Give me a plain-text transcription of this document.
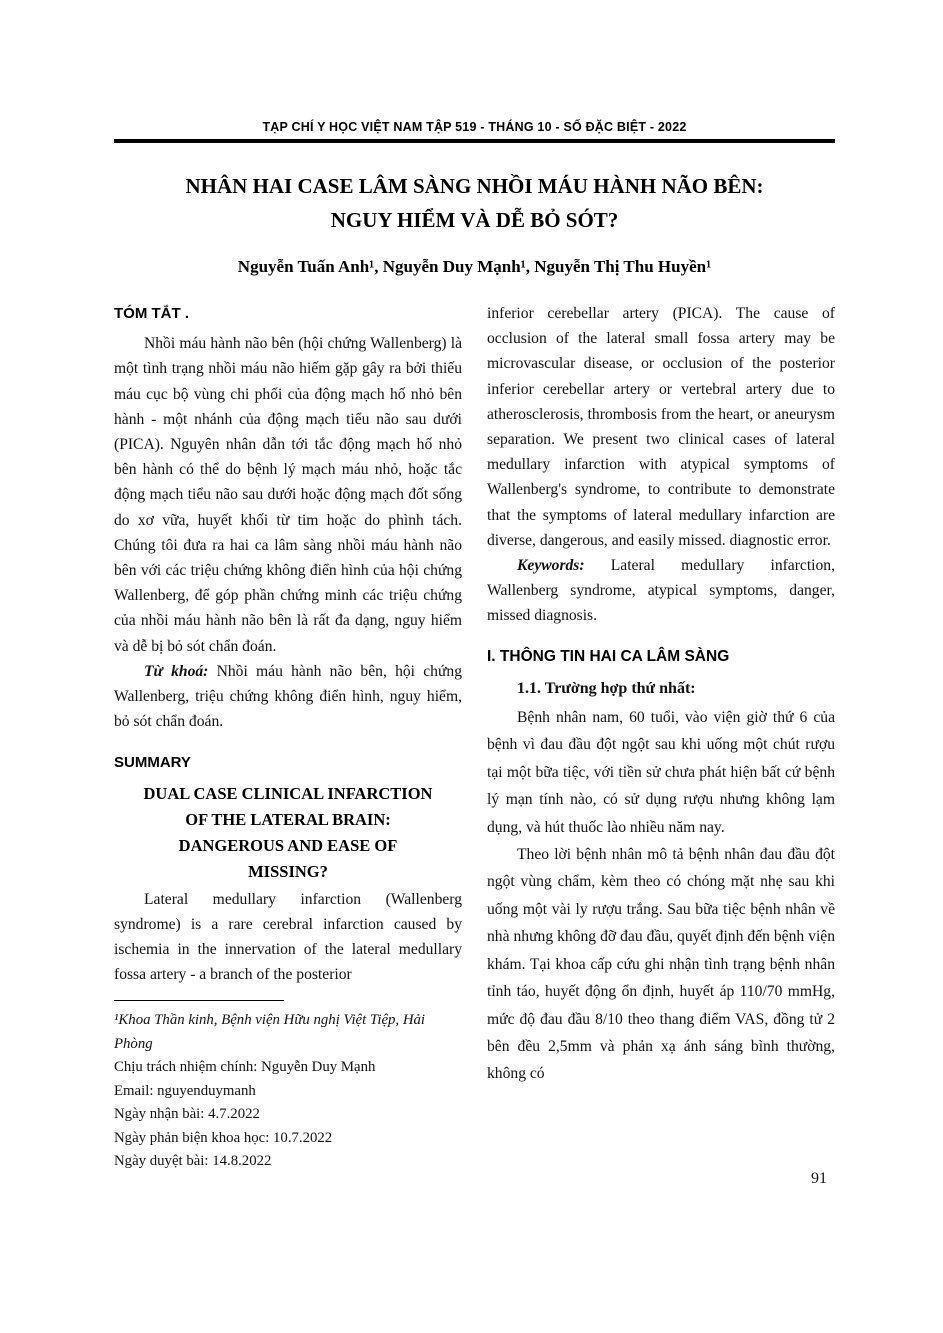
TẠP CHÍ Y HỌC VIỆT NAM TẬP 519 - THÁNG 10 - SỐ ĐẶC BIỆT - 2022
NHÂN HAI CASE LÂM SÀNG NHỒI MÁU HÀNH NÃO BÊN:
NGUY HIỂM VÀ DỄ BỎ SÓT?
Nguyễn Tuấn Anh¹, Nguyễn Duy Mạnh¹, Nguyễn Thị Thu Huyền¹
TÓM TẮT .

Nhồi máu hành não bên (hội chứng Wallenberg) là một tình trạng nhồi máu não hiếm gặp gây ra bởi thiếu máu cục bộ vùng chi phối của động mạch hố nhỏ bên hành - một nhánh của động mạch tiểu não sau dưới (PICA). Nguyên nhân dẫn tới tắc động mạch hố nhỏ bên hành có thể do bệnh lý mạch máu nhỏ, hoặc tắc động mạch tiểu não sau dưới hoặc động mạch đốt sống do xơ vữa, huyết khối từ tim hoặc do phình tách. Chúng tôi đưa ra hai ca lâm sàng nhồi máu hành não bên với các triệu chứng không điển hình của hội chứng Wallenberg, để góp phần chứng minh các triệu chứng của nhồi máu hành não bên là rất đa dạng, nguy hiểm và dễ bị bỏ sót chẩn đoán.

Từ khoá: Nhồi máu hành não bên, hội chứng Wallenberg, triệu chứng không điển hình, nguy hiểm, bỏ sót chẩn đoán.

SUMMARY
DUAL CASE CLINICAL INFARCTION
OF THE LATERAL BRAIN:
DANGEROUS AND EASE OF
MISSING?

Lateral medullary infarction (Wallenberg syndrome) is a rare cerebral infarction caused by ischemia in the innervation of the lateral medullary fossa artery - a branch of the posterior

¹Khoa Thần kinh, Bệnh viện Hữu nghị Việt Tiệp, Hải Phòng
Chịu trách nhiệm chính: Nguyễn Duy Mạnh
Email: nguyenduymanh
Ngày nhận bài: 4.7.2022
Ngày phản biện khoa học: 10.7.2022
Ngày duyệt bài: 14.8.2022

inferior cerebellar artery (PICA). The cause of occlusion of the lateral small fossa artery may be microvascular disease, or occlusion of the posterior inferior cerebellar artery or vertebral artery due to atherosclerosis, thrombosis from the heart, or aneurysm separation. We present two clinical cases of lateral medullary infarction with atypical symptoms of Wallenberg's syndrome, to contribute to demonstrate that the symptoms of lateral medullary infarction are diverse, dangerous, and easily missed. diagnostic error.

Keywords: Lateral medullary infarction, Wallenberg syndrome, atypical symptoms, danger, missed diagnosis.

I. THÔNG TIN HAI CA LÂM SÀNG

1.1. Trường hợp thứ nhất:

Bệnh nhân nam, 60 tuổi, vào viện giờ thứ 6 của bệnh vì đau đầu đột ngột sau khi uống một chút rượu tại một bữa tiệc, với tiền sử chưa phát hiện bất cứ bệnh lý mạn tính nào, có sử dụng rượu nhưng không lạm dụng, và hút thuốc lào nhiều năm nay.

Theo lời bệnh nhân mô tả bệnh nhân đau đầu đột ngột vùng chẩm, kèm theo có chóng mặt nhẹ sau khi uống một vài ly rượu trắng. Sau bữa tiệc bệnh nhân về nhà nhưng không đỡ đau đầu, quyết định đến bệnh viện khám. Tại khoa cấp cứu ghi nhận tình trạng bệnh nhân tỉnh táo, huyết động ổn định, huyết áp 110/70 mmHg, mức độ đau đầu 8/10 theo thang điểm VAS, đồng tử 2 bên đều 2,5mm và phản xạ ánh sáng bình thường, không có

91
